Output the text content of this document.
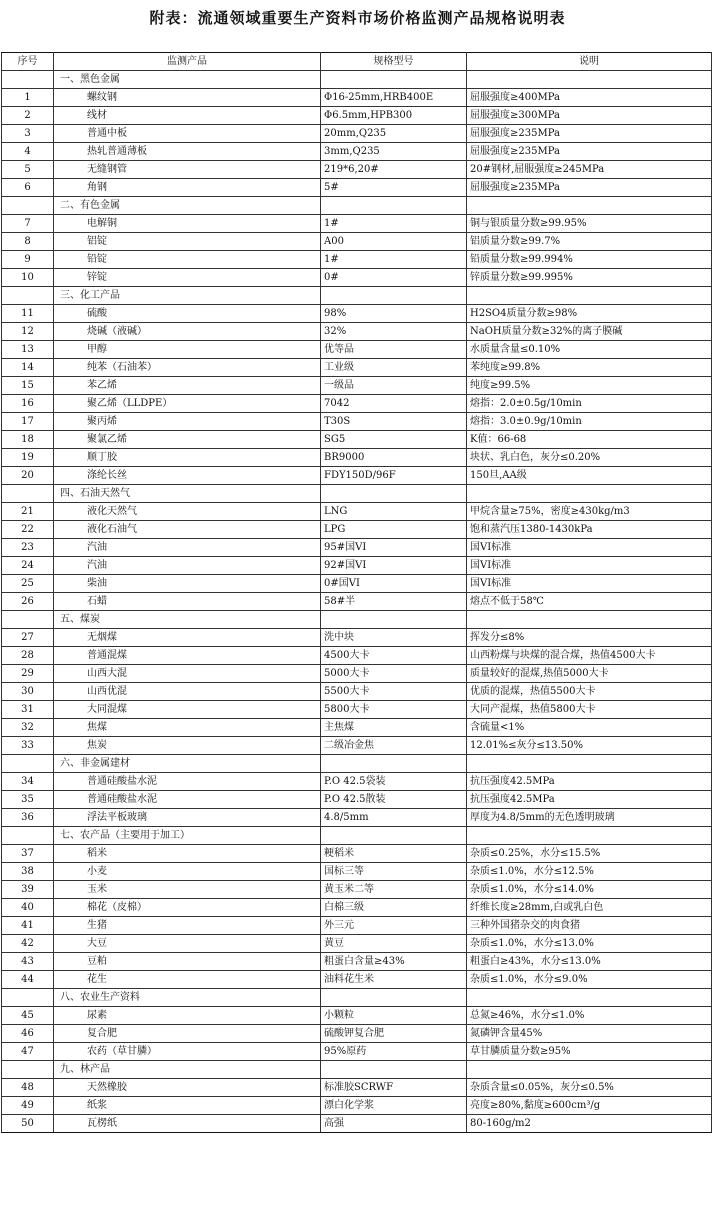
附表：流通领域重要生产资料市场价格监测产品规格说明表
序号	监测产品	规格型号	说明
	一、黑色金属		
1	螺纹钢	Φ16-25mm,HRB400E	屈服强度≥400MPa
2	线材	Φ6.5mm,HPB300	屈服强度≥300MPa
3	普通中板	20mm,Q235	屈服强度≥235MPa
4	热轧普通薄板	3mm,Q235	屈服强度≥235MPa
5	无缝钢管	219*6,20#	20#钢材,屈服强度≥245MPa
6	角钢	5#	屈服强度≥235MPa
	二、有色金属		
7	电解铜	1#	铜与银质量分数≥99.95%
8	铝锭	A00	铝质量分数≥99.7%
9	铅锭	1#	铅质量分数≥99.994%
10	锌锭	0#	锌质量分数≥99.995%
	三、化工产品		
11	硫酸	98%	H2SO4质量分数≥98%
12	烧碱（液碱）	32%	NaOH质量分数≥32%的离子膜碱
13	甲醇	优等品	水质量含量≤0.10%
14	纯苯（石油苯）	工业级	苯纯度≥99.8%
15	苯乙烯	一级品	纯度≥99.5%
16	聚乙烯（LLDPE）	7042	熔指：2.0±0.5g/10min
17	聚丙烯	T30S	熔指：3.0±0.9g/10min
18	聚氯乙烯	SG5	K值：66-68
19	顺丁胶	BR9000	块状、乳白色，灰分≤0.20%
20	涤纶长丝	FDY150D/96F	150旦,AA级
	四、石油天然气		
21	液化天然气	LNG	甲烷含量≥75%，密度≥430kg/m3
22	液化石油气	LPG	饱和蒸汽压1380-1430kPa
23	汽油	95#国VI	国VI标准
24	汽油	92#国VI	国VI标准
25	柴油	0#国VI	国VI标准
26	石蜡	58#半	熔点不低于58℃
	五、煤炭		
27	无烟煤	洗中块	挥发分≤8%
28	普通混煤	4500大卡	山西粉煤与块煤的混合煤，热值4500大卡
29	山西大混	5000大卡	质量较好的混煤,热值5000大卡
30	山西优混	5500大卡	优质的混煤，热值5500大卡
31	大同混煤	5800大卡	大同产混煤，热值5800大卡
32	焦煤	主焦煤	含硫量<1%
33	焦炭	二级冶金焦	12.01%≤灰分≤13.50%
	六、非金属建材		
34	普通硅酸盐水泥	P.O 42.5袋装	抗压强度42.5MPa
35	普通硅酸盐水泥	P.O 42.5散装	抗压强度42.5MPa
36	浮法平板玻璃	4.8/5mm	厚度为4.8/5mm的无色透明玻璃
	七、农产品（主要用于加工）		
37	稻米	粳稻米	杂质≤0.25%，水分≤15.5%
38	小麦	国标三等	杂质≤1.0%，水分≤12.5%
39	玉米	黄玉米二等	杂质≤1.0%，水分≤14.0%
40	棉花（皮棉）	白棉三级	纤维长度≥28mm,白或乳白色
41	生猪	外三元	三种外国猪杂交的肉食猪
42	大豆	黄豆	杂质≤1.0%，水分≤13.0%
43	豆粕	粗蛋白含量≥43%	粗蛋白≥43%，水分≤13.0%
44	花生	油料花生米	杂质≤1.0%，水分≤9.0%
	八、农业生产资料		
45	尿素	小颗粒	总氮≥46%，水分≤1.0%
46	复合肥	硫酸钾复合肥	氮磷钾含量45%
47	农药（草甘膦）	95%原药	草甘膦质量分数≥95%
	九、林产品		
48	天然橡胶	标准胶SCRWF	杂质含量≤0.05%，灰分≤0.5%
49	纸浆	漂白化学浆	亮度≥80%,黏度≥600cm³/g
50	瓦楞纸	高强	80-160g/m2
